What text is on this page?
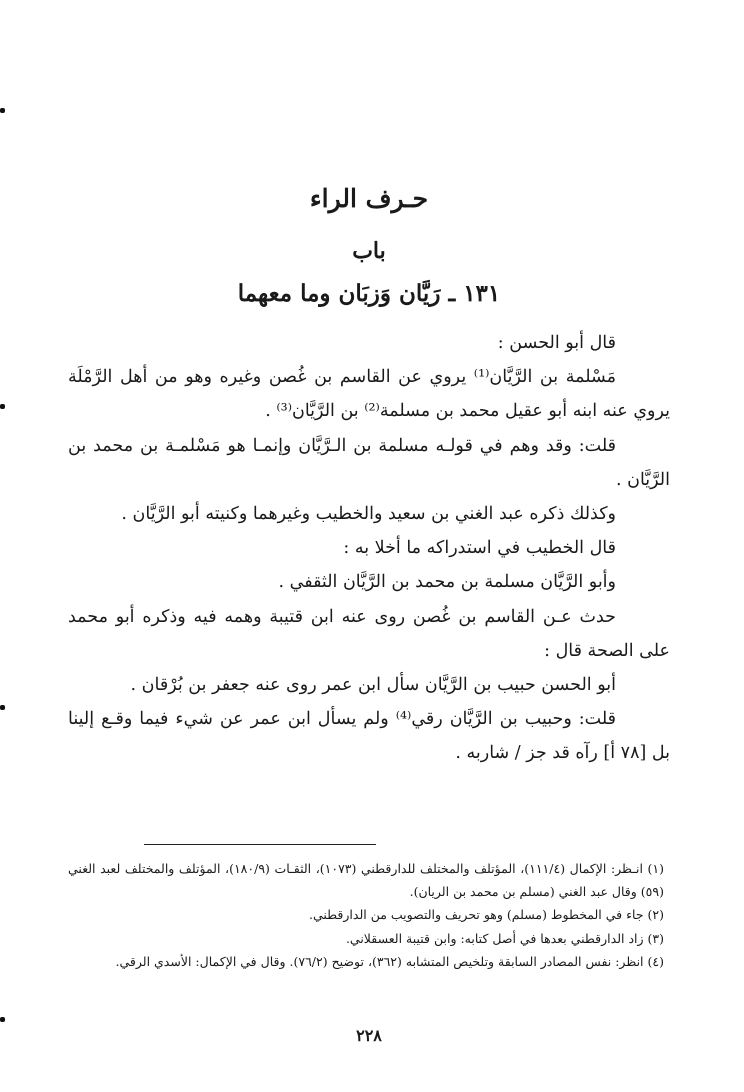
حـرف الراء
باب
١٣١ ـ رَيَّان وَزبَان وما معهما

قال أبو الحسن :

مَسْلمة بن الرَّيَّان⁽¹⁾ يروي عن القاسم بن غُصن وغيره وهو من أهل الرَّمْلَة يروي عنه ابنه أبو عقيل محمد بن مسلمة⁽²⁾ بن الرَّيَّان⁽³⁾ .

قلت: وقد وهم في قولـه مسلمة بن الـرَّيَّان وإنمـا هو مَسْلمـة بن محمد بن الرَّيَّان .

وكذلك ذكره عبد الغني بن سعيد والخطيب وغيرهما وكنيته أبو الرَّيَّان .

قال الخطيب في استدراكه ما أخلا به :

وأبو الرَّيَّان مسلمة بن محمد بن الرَّيَّان الثقفي .

حدث عـن القاسم بن غُصن روى عنه ابن قتيبة وهمه فيه وذكره أبو محمد على الصحة قال :

أبو الحسن حبيب بن الرَّيَّان سأل ابن عمر روى عنه جعفر بن بُرْقان .

قلت: وحبيب بن الرَّيَّان رقي⁽⁴⁾ ولم يسأل ابن عمر عن شيء فيما وقـع إلينا بل [٧٨ أ] رآه قد جز / شاربه .

(١) انـظر: الإكمال (١١١/٤)، المؤتلف والمختلف للدارقطني (١٠٧٣)، الثقـات (١٨٠/٩)، المؤتلف والمختلف لعبد الغني (٥٩) وقال عبد الغني (مسلم بن محمد بن الريان).

(٢) جاء في المخطوط (مسلم) وهو تحريف والتصويب من الدارقطني.

(٣) زاد الدارقطني بعدها في أصل كتابه: وابن قتيبة العسقلاني.

(٤) انظر: نفس المصادر السابقة وتلخيص المتشابه (٣٦٢)، توضيح (٧٦/٢). وقال في الإكمال: الأسدي الرقي.

٢٢٨
